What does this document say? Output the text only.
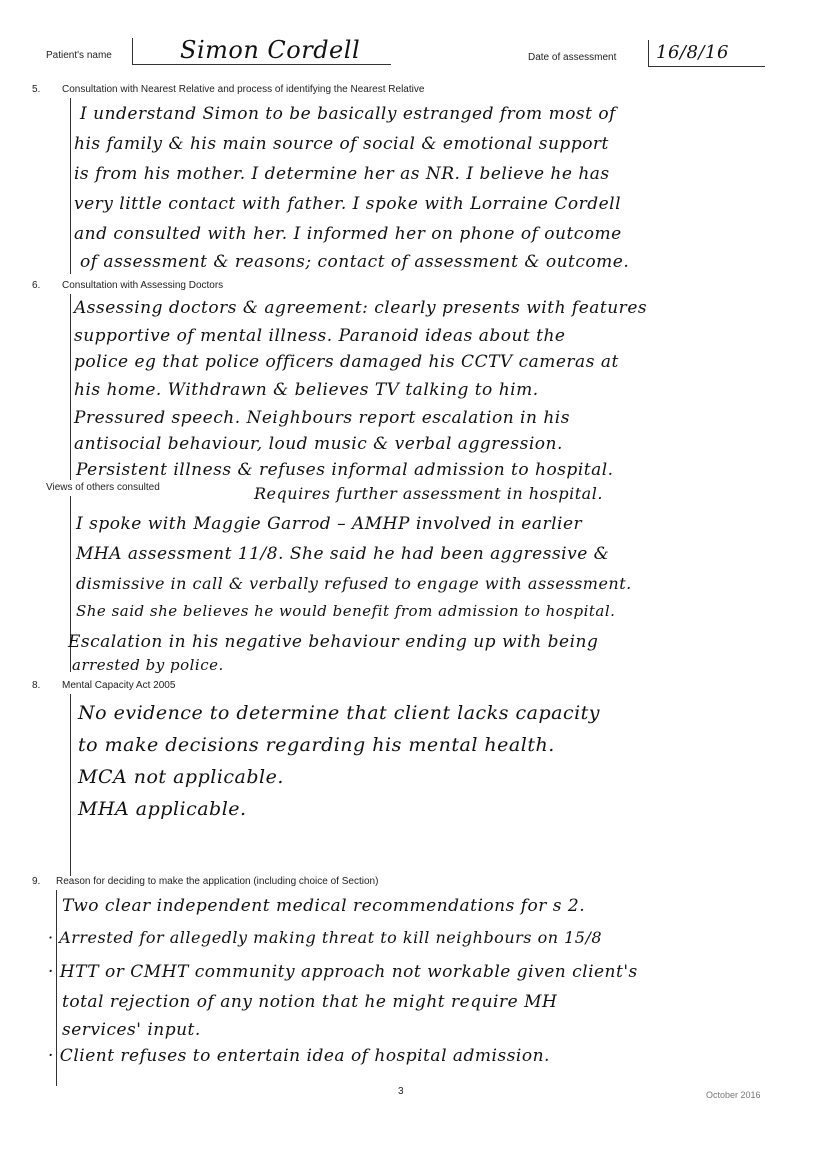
Patient's name	Simon Cordell	Date of assessment 16/8/16
5. Consultation with Nearest Relative and process of identifying the Nearest Relative
I understand Simon to be basically estranged from most of
his family & his main source of social & emotional support
is from his mother. I determine her as NR. I believe he has
very little contact with father. I spoke with Lorraine Cordell
and consulted with her. I informed her on phone of outcome
of assessment & reasons; contact of assessment & outcome.
6. Consultation with Assessing Doctors
Assessing doctors & agreement: clearly presents with features
supportive of mental illness. Paranoid ideas about the
police eg that police officers damaged his CCTV cameras at
his home. Withdrawn & believes TV talking to him.
Pressured speech. Neighbours report escalation in his
antisocial behaviour, loud music & verbal aggression.
Persistent illness & refuses informal admission to hospital.
Requires further assessment in hospital.
Views of others consulted
I spoke with Maggie Garrod – AMHP involved in earlier
MHA assessment 11/8. She said he had been aggressive &
dismissive in call & verbally refused to engage with assessment.
She said she believes he would benefit from admission to hospital.
Escalation in his negative behaviour ending up with being
arrested by police.
8. Mental Capacity Act 2005
No evidence to determine that client lacks capacity
to make decisions regarding his mental health.
MCA not applicable.
MHA applicable.
9. Reason for deciding to make the application (including choice of Section)
Two clear independent medical recommendations for s 2.
· Arrested for allegedly making threat to kill neighbours on 15/8
· HTT or CMHT community approach not workable given client's
total rejection of any notion that he might require MH
services' input.
· Client refuses to entertain idea of hospital admission.
3	October 2016
